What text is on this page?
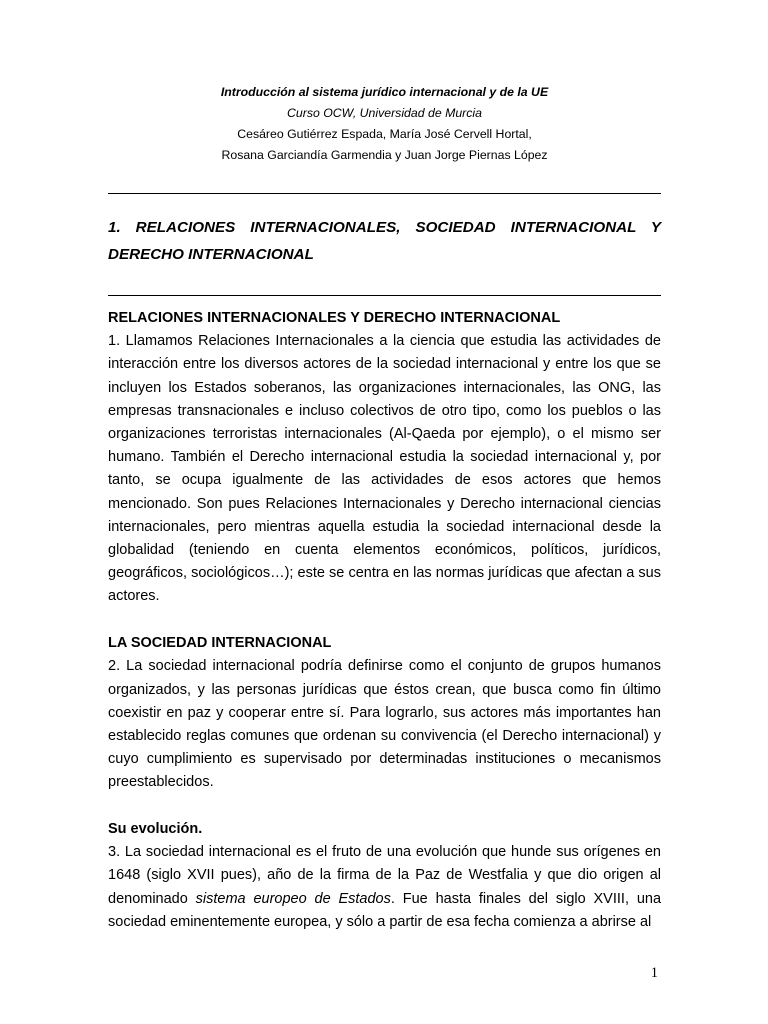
Introducción al sistema jurídico internacional y de la UE
Curso OCW, Universidad de Murcia
Cesáreo Gutiérrez Espada, María José Cervell Hortal,
Rosana Garciandía Garmendia y Juan Jorge Piernas López
1. RELACIONES INTERNACIONALES, SOCIEDAD INTERNACIONAL Y DERECHO INTERNACIONAL

RELACIONES INTERNACIONALES Y DERECHO INTERNACIONAL

1. Llamamos Relaciones Internacionales a la ciencia que estudia las actividades de interacción entre los diversos actores de la sociedad internacional y entre los que se incluyen los Estados soberanos, las organizaciones internacionales, las ONG, las empresas transnacionales e incluso colectivos de otro tipo, como los pueblos o las organizaciones terroristas internacionales (Al-Qaeda por ejemplo), o el mismo ser humano. También el Derecho internacional estudia la sociedad internacional y, por tanto, se ocupa igualmente de las actividades de esos actores que hemos mencionado. Son pues Relaciones Internacionales y Derecho internacional ciencias internacionales, pero mientras aquella estudia la sociedad internacional desde la globalidad (teniendo en cuenta elementos económicos, políticos, jurídicos, geográficos, sociológicos…); este se centra en las normas jurídicas que afectan a sus actores.

LA SOCIEDAD INTERNACIONAL

2. La sociedad internacional podría definirse como el conjunto de grupos humanos organizados, y las personas jurídicas que éstos crean, que busca como fin último coexistir en paz y cooperar entre sí. Para lograrlo, sus actores más importantes han establecido reglas comunes que ordenan su convivencia (el Derecho internacional) y cuyo cumplimiento es supervisado por determinadas instituciones o mecanismos preestablecidos.

Su evolución.

3. La sociedad internacional es el fruto de una evolución que hunde sus orígenes en 1648 (siglo XVII pues), año de la firma de la Paz de Westfalia y que dio origen al denominado sistema europeo de Estados. Fue hasta finales del siglo XVIII, una sociedad eminentemente europea, y sólo a partir de esa fecha comienza a abrirse al

1
